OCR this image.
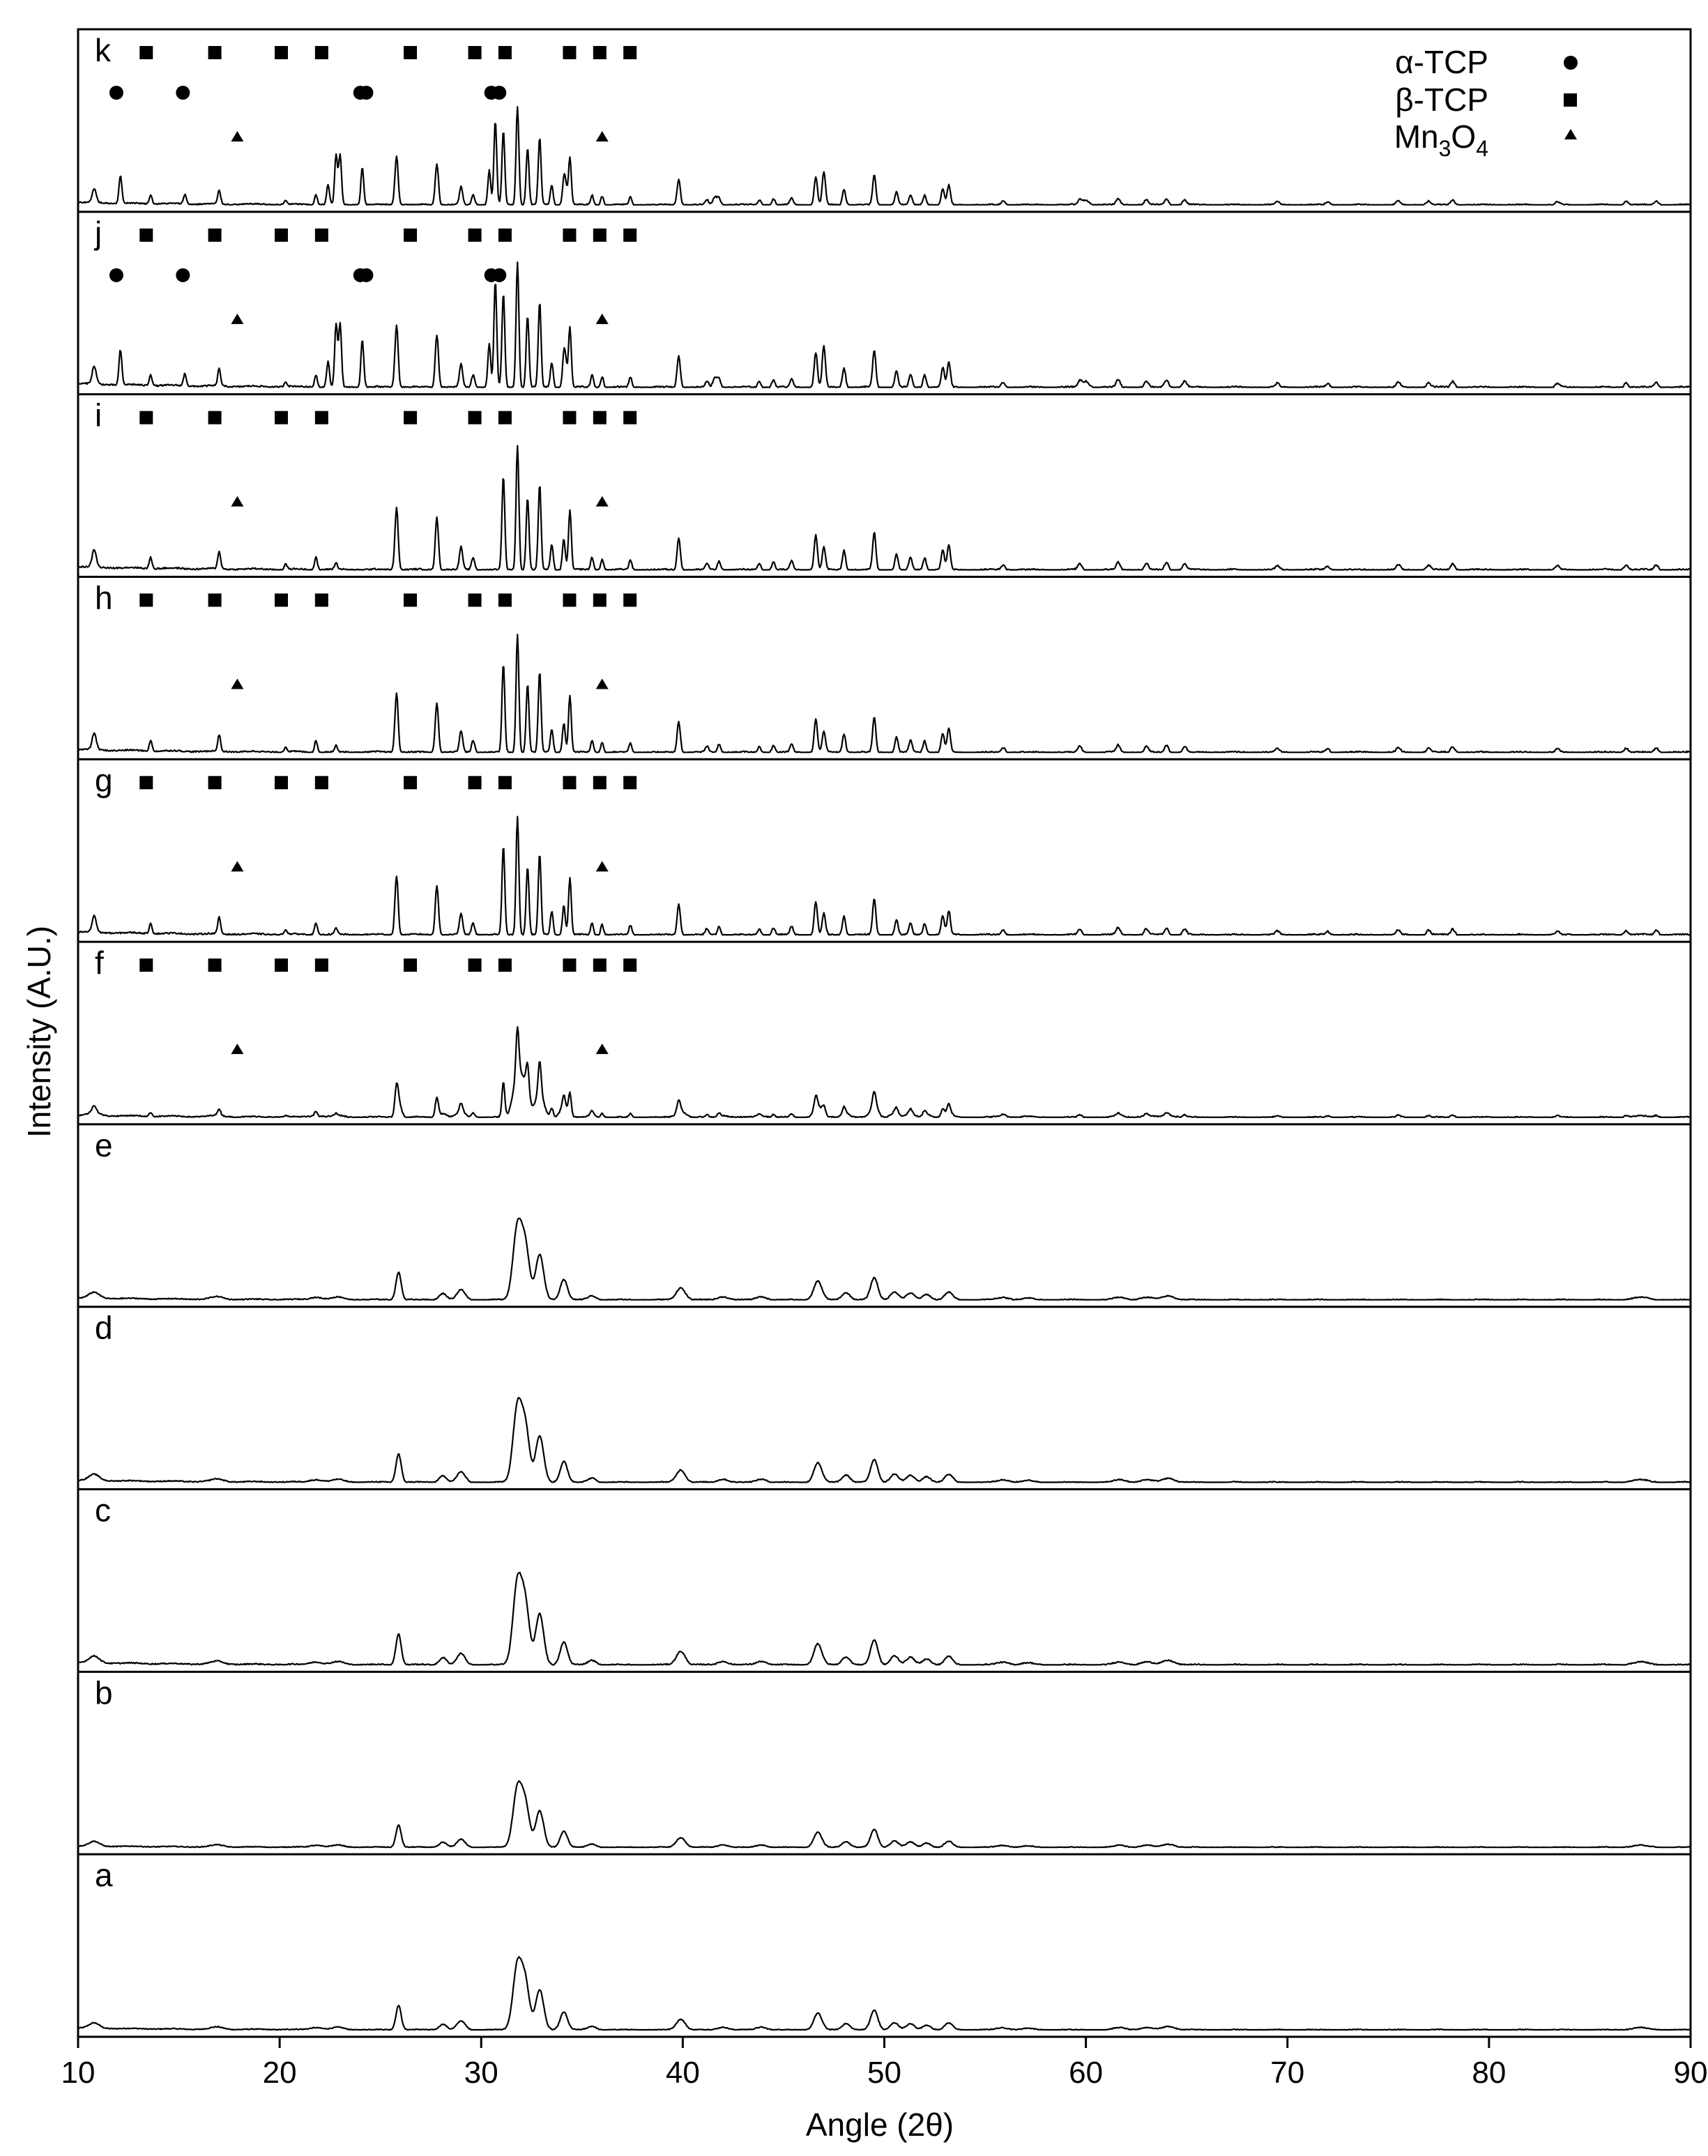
a
b
c
d
e
f
g
h
i
j
k
10	20	30	40	50	60	70	80	90
α-TCP
β-TCP
$Mn_3O_4$
Intensity (A.U.)
Angle (2θ)
